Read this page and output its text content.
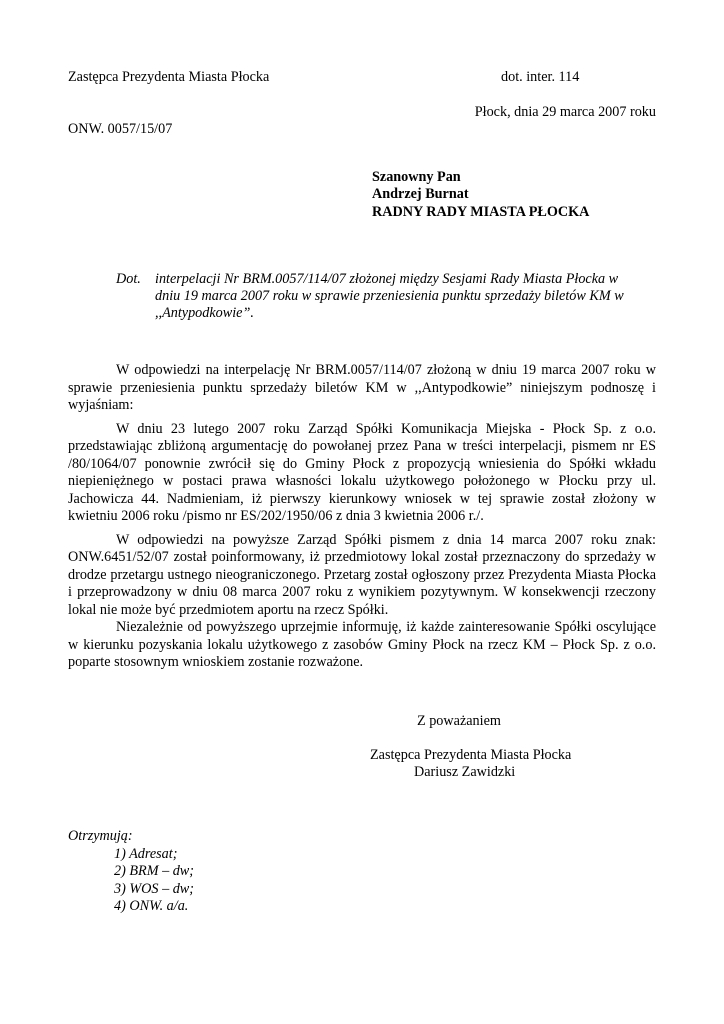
Zastępca Prezydenta Miasta Płocka	dot. inter. 114
Płock, dnia 29 marca 2007 roku
ONW. 0057/15/07
Szanowny Pan
Andrzej Burnat
RADNY RADY MIASTA PŁOCKA
Dot. interpelacji Nr BRM.0057/114/07 złożonej między Sesjami Rady Miasta Płocka w
dniu 19 marca 2007 roku w sprawie przeniesienia punktu sprzedaży biletów KM w
,,Antypodkowie”.

W odpowiedzi na interpelację Nr BRM.0057/114/07 złożoną w dniu 19 marca 2007 roku w sprawie przeniesienia punktu sprzedaży biletów KM w ,,Antypodkowie” niniejszym podnoszę i wyjaśniam:

W dniu 23 lutego 2007 roku Zarząd Spółki Komunikacja Miejska - Płock Sp. z o.o. przedstawiając zbliżoną argumentację do powołanej przez Pana w treści interpelacji, pismem nr ES /80/1064/07 ponownie zwrócił się do Gminy Płock z propozycją wniesienia do Spółki wkładu niepieniężnego w postaci prawa własności lokalu użytkowego położonego w Płocku przy ul. Jachowicza 44. Nadmieniam, iż pierwszy kierunkowy wniosek w tej sprawie został złożony w kwietniu 2006 roku /pismo nr ES/202/1950/06 z dnia 3 kwietnia 2006 r./.

W odpowiedzi na powyższe Zarząd Spółki pismem z dnia 14 marca 2007 roku znak: ONW.6451/52/07 został poinformowany, iż przedmiotowy lokal został przeznaczony do sprzedaży w drodze przetargu ustnego nieograniczonego. Przetarg został ogłoszony przez Prezydenta Miasta Płocka i przeprowadzony w dniu 08 marca 2007 roku z wynikiem pozytywnym. W konsekwencji rzeczony lokal nie może być przedmiotem aportu na rzecz Spółki.

Niezależnie od powyższego uprzejmie informuję, iż każde zainteresowanie Spółki oscylujące w kierunku pozyskania lokalu użytkowego z zasobów Gminy Płock na rzecz KM – Płock Sp. z o.o. poparte stosownym wnioskiem zostanie rozważone.

Z poważaniem
Zastępca Prezydenta Miasta Płocka
Dariusz Zawidzki
Otrzymują:
1) Adresat;
2) BRM – dw;
3) WOS – dw;
4) ONW. a/a.
